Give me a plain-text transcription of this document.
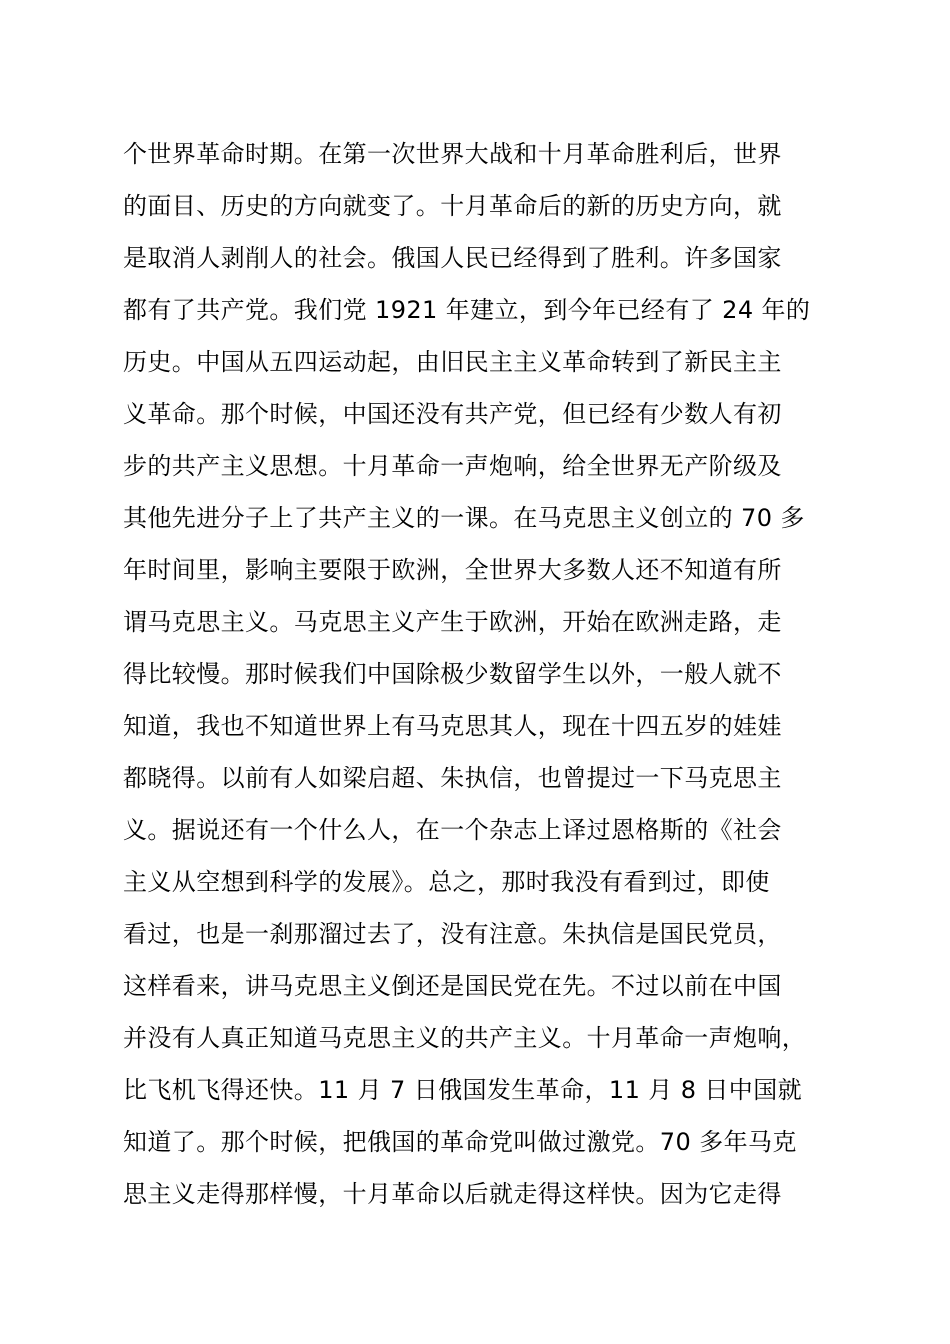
个世界革命时期。在第一次世界大战和十月革命胜利后，世界
的面目、历史的方向就变了。十月革命后的新的历史方向，就
是取消人剥削人的社会。俄国人民已经得到了胜利。许多国家
都有了共产党。我们党 1921 年建立，到今年已经有了 24 年的
历史。中国从五四运动起，由旧民主主义革命转到了新民主主
义革命。那个时候，中国还没有共产党，但已经有少数人有初
步的共产主义思想。十月革命一声炮响，给全世界无产阶级及
其他先进分子上了共产主义的一课。在马克思主义创立的 70 多
年时间里，影响主要限于欧洲，全世界大多数人还不知道有所
谓马克思主义。马克思主义产生于欧洲，开始在欧洲走路，走
得比较慢。那时候我们中国除极少数留学生以外，一般人就不
知道，我也不知道世界上有马克思其人，现在十四五岁的娃娃
都晓得。以前有人如梁启超、朱执信，也曾提过一下马克思主
义。据说还有一个什么人，在一个杂志上译过恩格斯的《社会
主义从空想到科学的发展》。总之，那时我没有看到过，即使
看过，也是一刹那溜过去了，没有注意。朱执信是国民党员，
这样看来，讲马克思主义倒还是国民党在先。不过以前在中国
并没有人真正知道马克思主义的共产主义。十月革命一声炮响，
比飞机飞得还快。11 月 7 日俄国发生革命，11 月 8 日中国就
知道了。那个时候，把俄国的革命党叫做过激党。70 多年马克
思主义走得那样慢，十月革命以后就走得这样快。因为它走得
